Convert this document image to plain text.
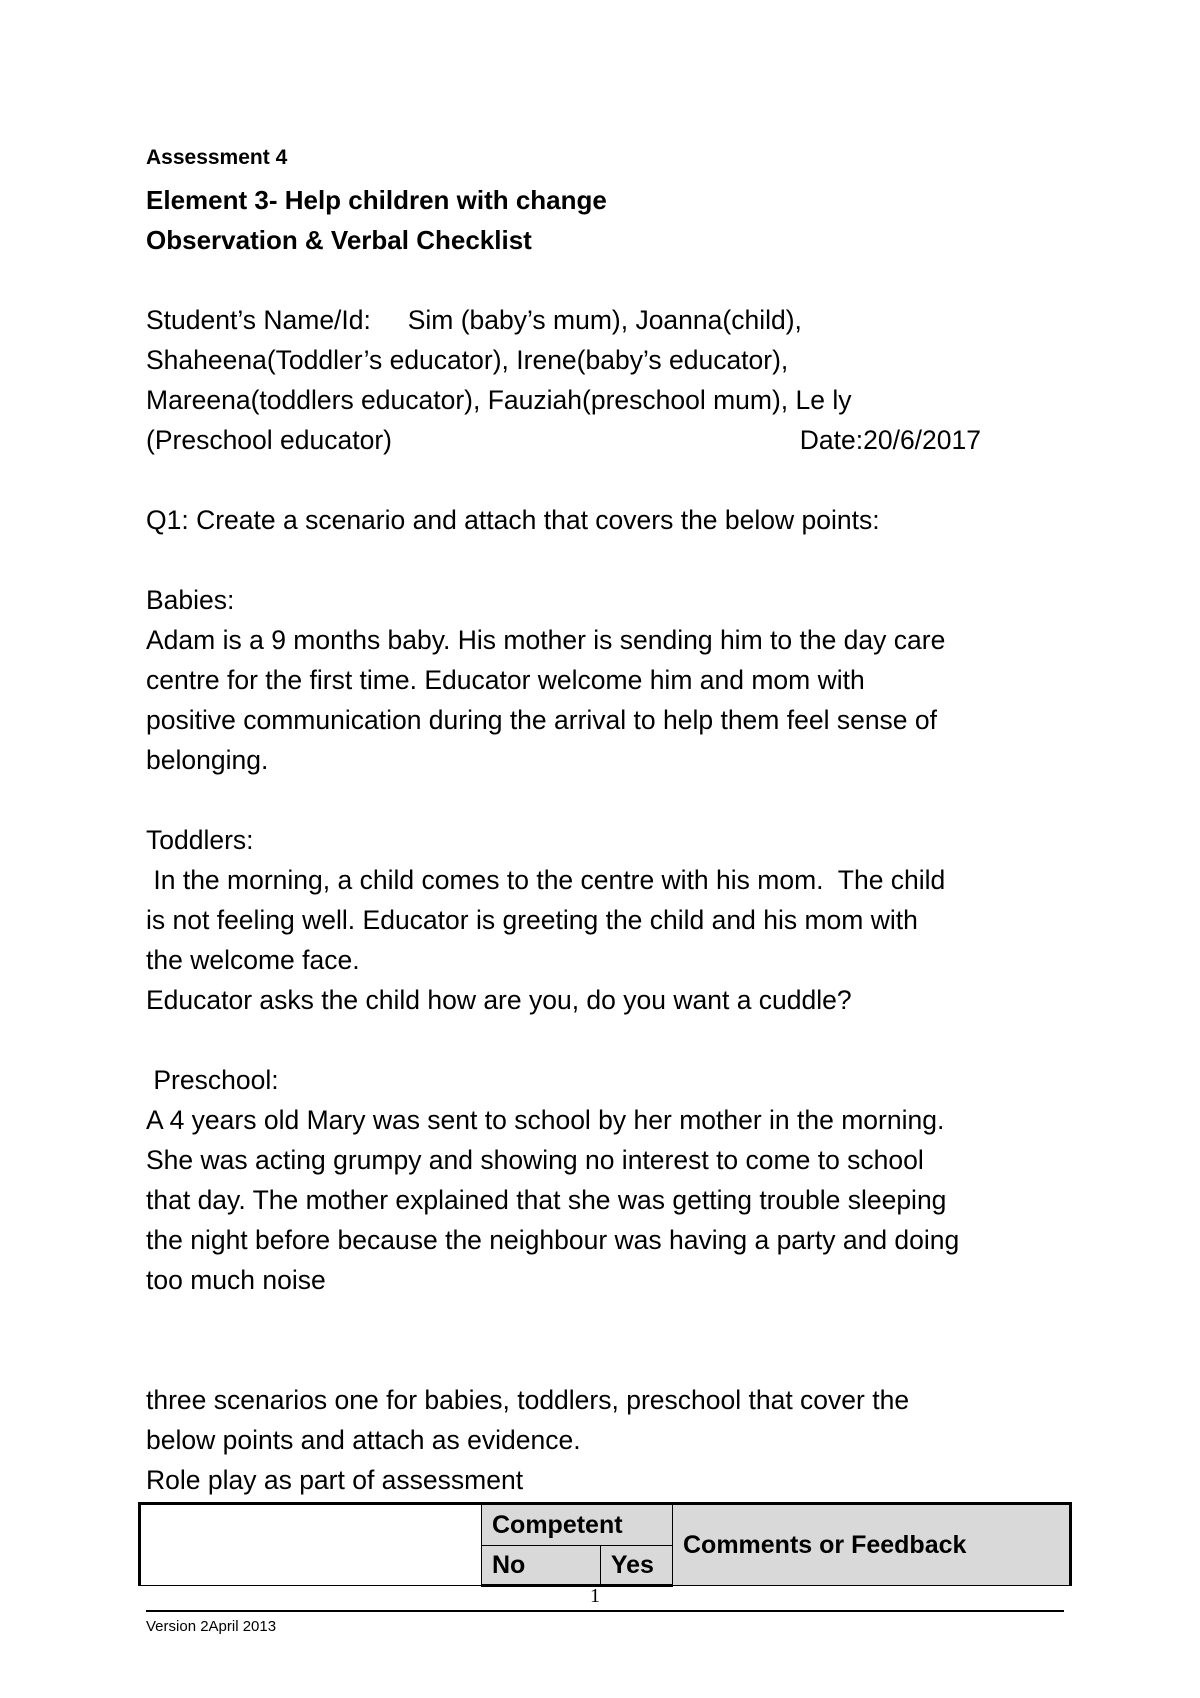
Assessment 4

Element 3- Help children with change

Observation & Verbal Checklist

Student’s Name/Id:     Sim (baby’s mum), Joanna(child),

Shaheena(Toddler’s educator), Irene(baby’s educator),

Mareena(toddlers educator), Fauziah(preschool mum), Le ly

(Preschool educator)	Date:20/6/2017

Q1: Create a scenario and attach that covers the below points:

Babies:

Adam is a 9 months baby. His mother is sending him to the day care

centre for the first time. Educator welcome him and mom with

positive communication during the arrival to help them feel sense of

belonging.

Toddlers:

In the morning, a child comes to the centre with his mom.  The child

is not feeling well. Educator is greeting the child and his mom with

the welcome face.

Educator asks the child how are you, do you want a cuddle?

Preschool:

A 4 years old Mary was sent to school by her mother in the morning.

She was acting grumpy and showing no interest to come to school

that day. The mother explained that she was getting trouble sleeping

the night before because the neighbour was having a party and doing

too much noise

three scenarios one for babies, toddlers, preschool that cover the

below points and attach as evidence.

Role play as part of assessment

	Competent		Comments or Feedback
	No	Yes	
1
Version 2April 2013
